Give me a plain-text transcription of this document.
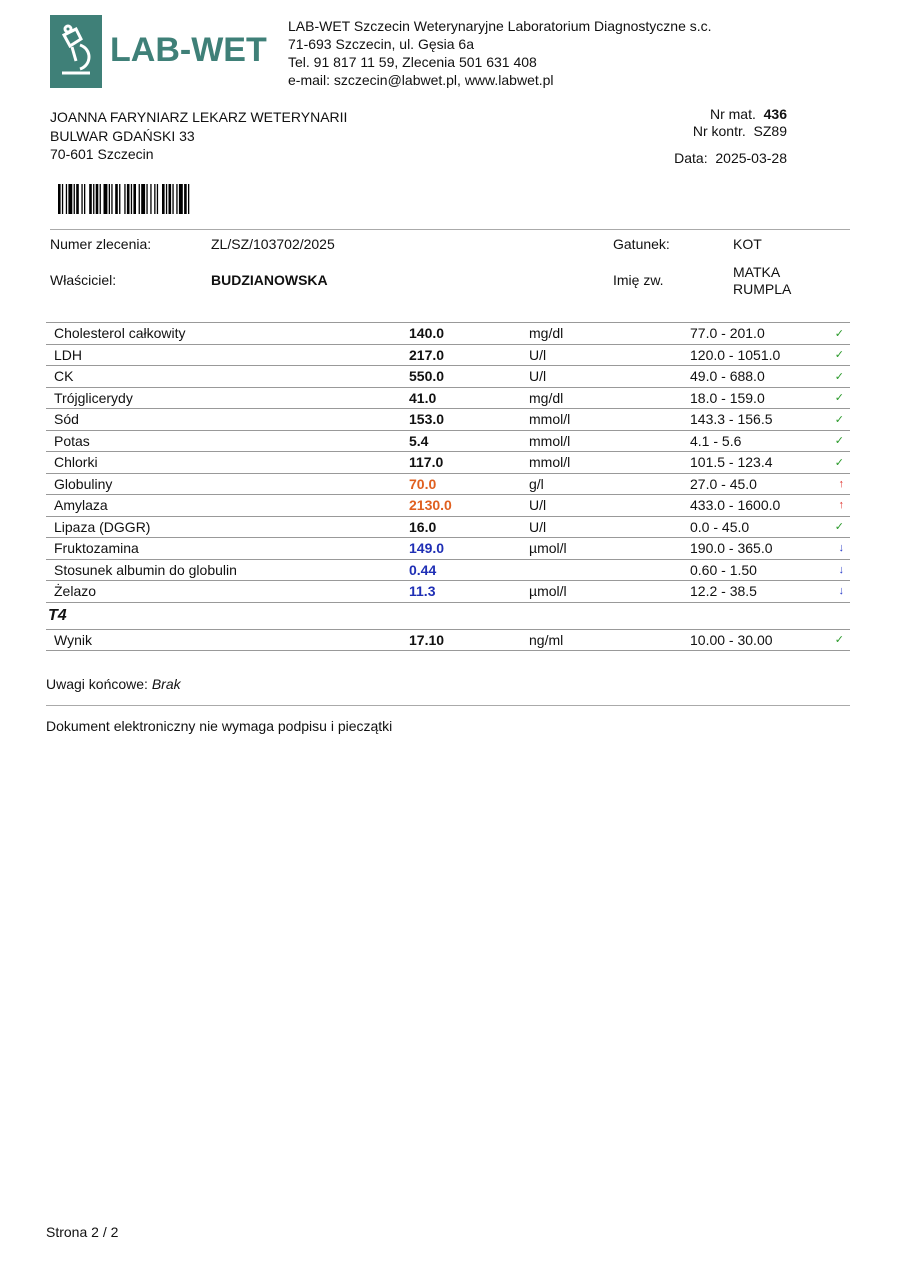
LAB-WET
LAB-WET Szczecin Weterynaryjne Laboratorium Diagnostyczne s.c.
71-693 Szczecin, ul. Gęsia 6a
Tel. 91 817 11 59, Zlecenia 501 631 408
e-mail: szczecin@labwet.pl, www.labwet.pl
JOANNA FARYNIARZ LEKARZ WETERYNARII
BULWAR GDAŃSKI 33
70-601 Szczecin
Nr mat. 436
Nr kontr. SZ89
Data: 2025-03-28
Numer zlecenia:	ZL/SZ/103702/2025	Gatunek:	KOT
Właściciel:	BUDZIANOWSKA	Imię zw.	MATKA
RUMPLA
Cholesterol całkowity	140.0	mg/dl	77.0 - 201.0	✓
LDH	217.0	U/l	120.0 - 1051.0	✓
CK	550.0	U/l	49.0 - 688.0	✓
Trójglicerydy	41.0	mg/dl	18.0 - 159.0	✓
Sód	153.0	mmol/l	143.3 - 156.5	✓
Potas	5.4	mmol/l	4.1 - 5.6	✓
Chlorki	117.0	mmol/l	101.5 - 123.4	✓
Globuliny	70.0	g/l	27.0 - 45.0	↑
Amylaza	2130.0	U/l	433.0 - 1600.0	↑
Lipaza (DGGR)	16.0	U/l	0.0 - 45.0	✓
Fruktozamina	149.0	µmol/l	190.0 - 365.0	↓
Stosunek albumin do globulin	0.44		0.60 - 1.50	↓
Żelazo	11.3	µmol/l	12.2 - 38.5	↓
T4				
Wynik	17.10	ng/ml	10.00 - 30.00	✓
Uwagi końcowe: Brak
Dokument elektroniczny nie wymaga podpisu i pieczątki
Strona 2 / 2
